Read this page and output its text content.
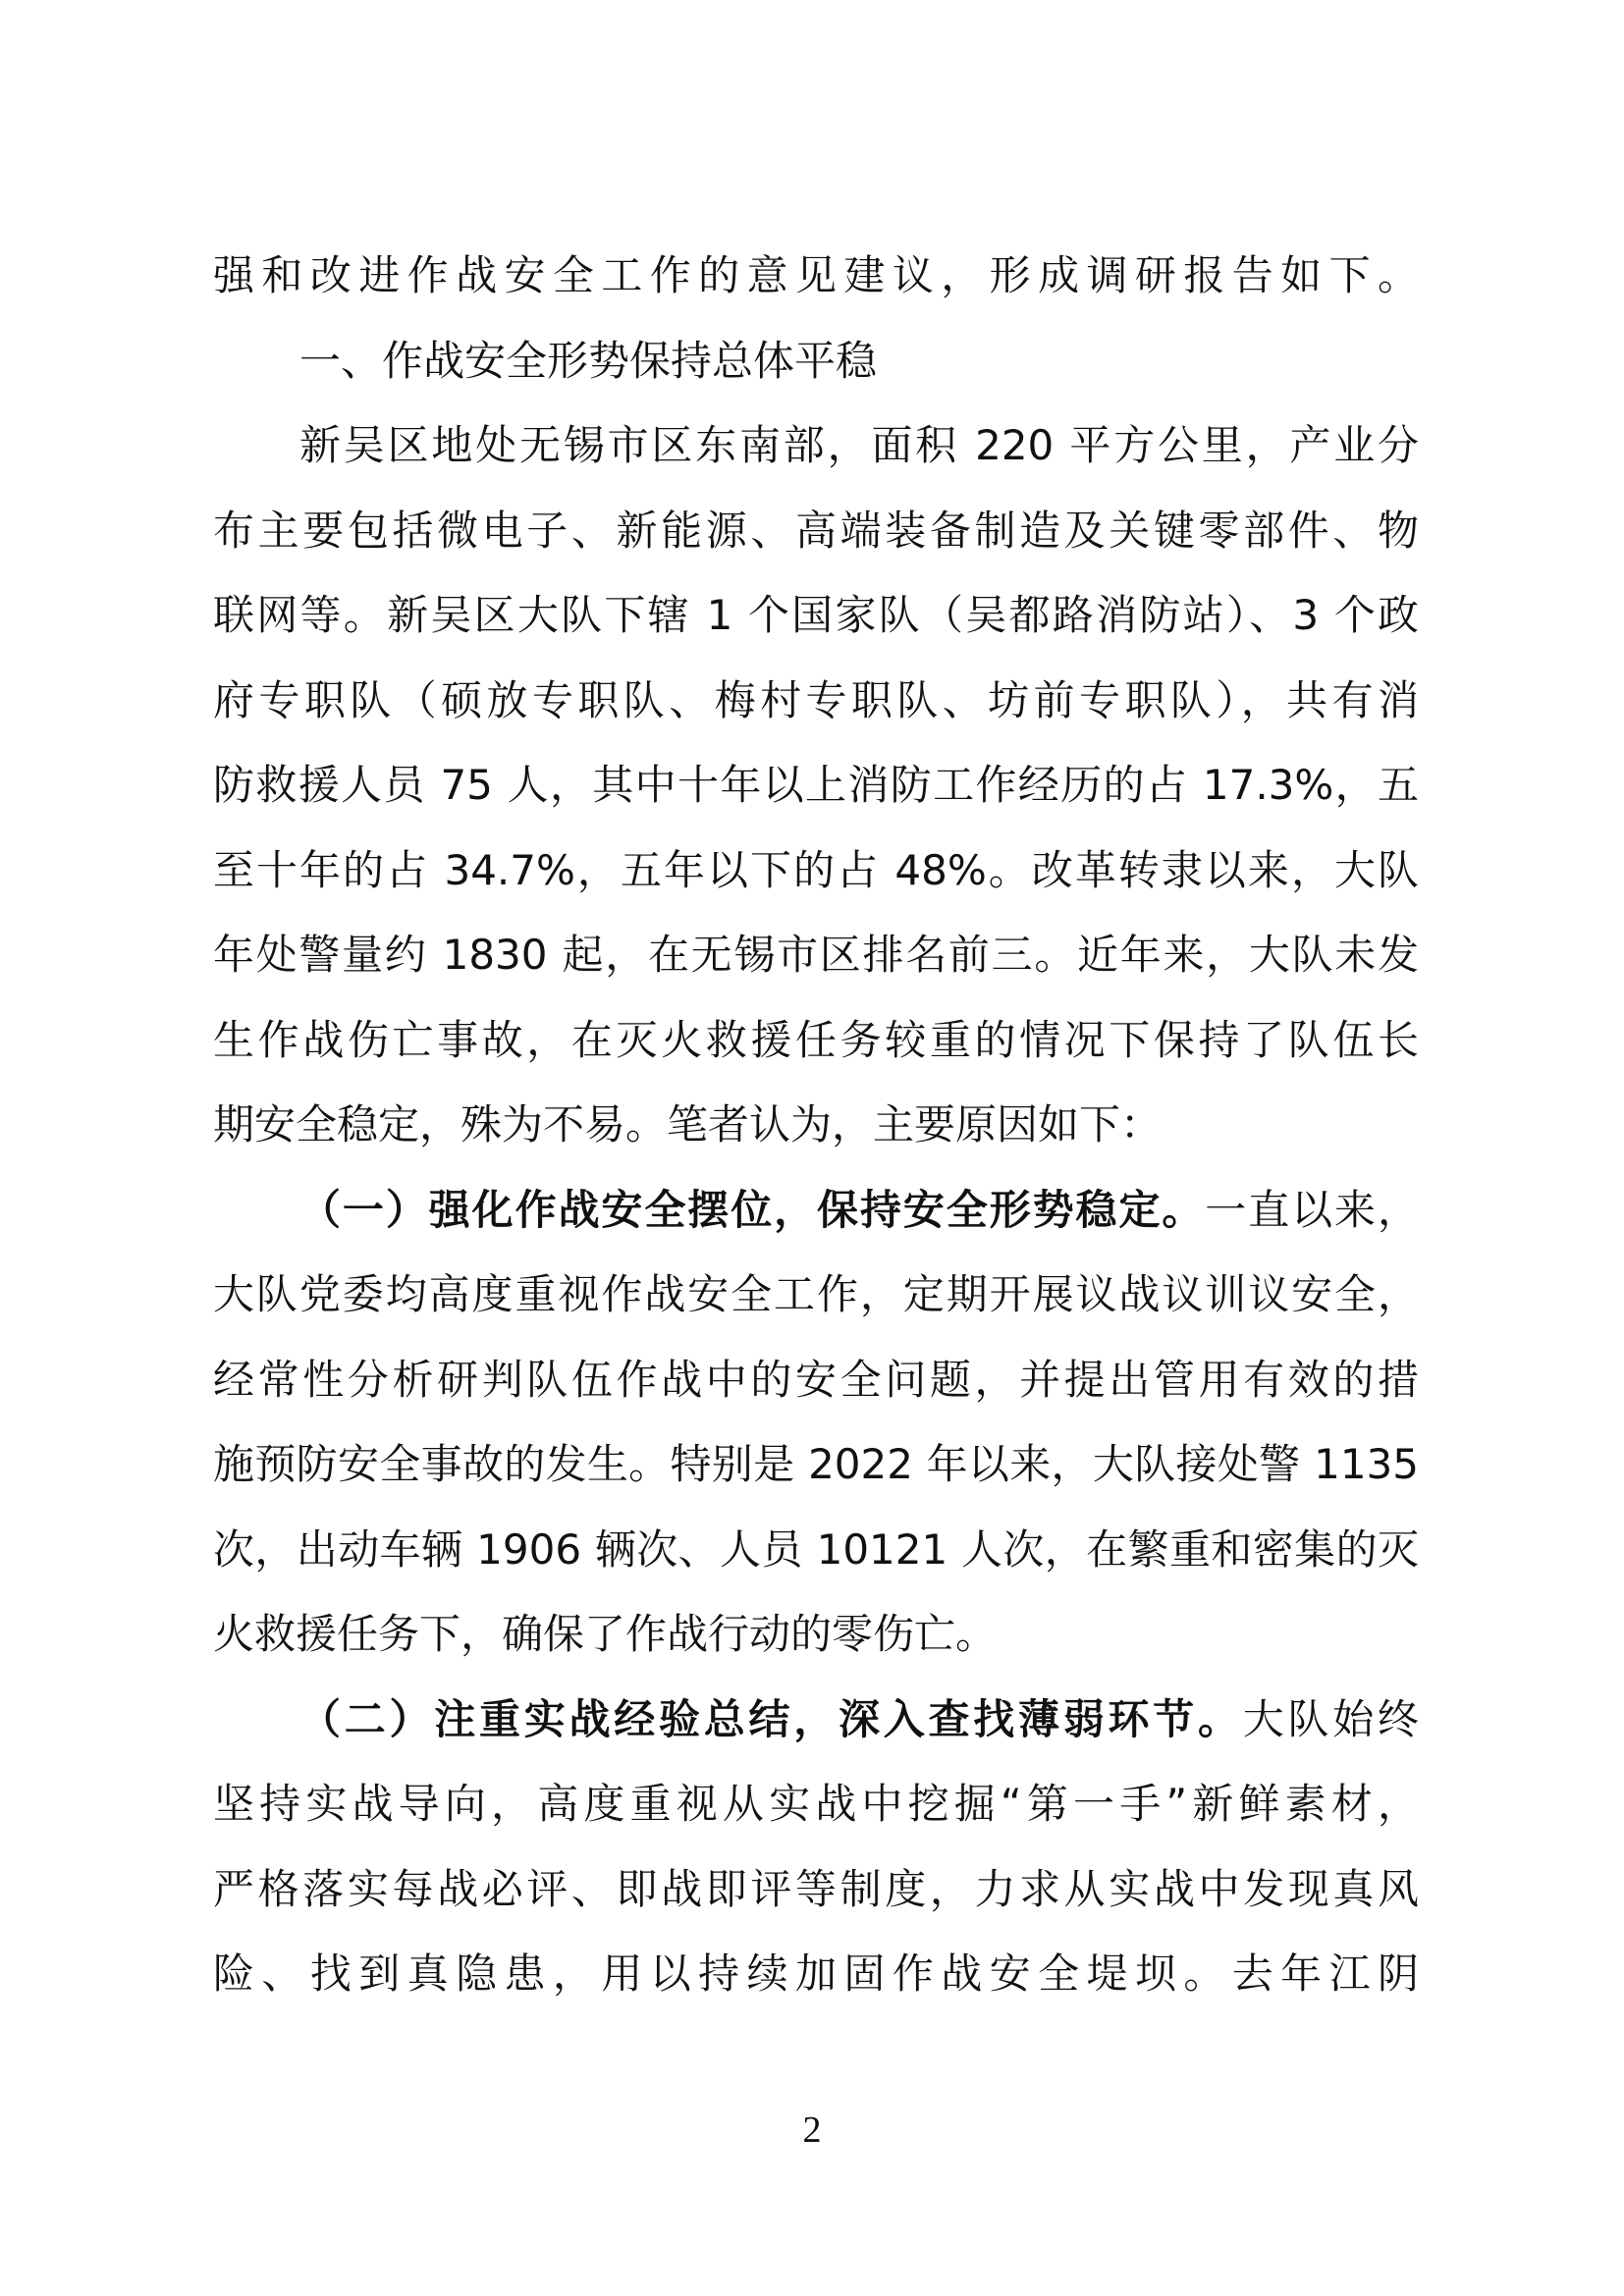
强和改进作战安全工作的意见建议，形成调研报告如下。
一、作战安全形势保持总体平稳
新吴区地处无锡市区东南部，面积 220 平方公里，产业分
布主要包括微电子、新能源、高端装备制造及关键零部件、物
联网等。新吴区大队下辖 1 个国家队（吴都路消防站）、3 个政
府专职队（硕放专职队、梅村专职队、坊前专职队），共有消
防救援人员 75 人，其中十年以上消防工作经历的占 17.3%，五
至十年的占 34.7%，五年以下的占 48%。改革转隶以来，大队
年处警量约 1830 起，在无锡市区排名前三。近年来，大队未发
生作战伤亡事故，在灭火救援任务较重的情况下保持了队伍长
期安全稳定，殊为不易。笔者认为，主要原因如下：
（一）强化作战安全摆位，保持安全形势稳定。一直以来，
大队党委均高度重视作战安全工作，定期开展议战议训议安全，
经常性分析研判队伍作战中的安全问题，并提出管用有效的措
施预防安全事故的发生。特别是 2022 年以来，大队接处警 1135
次，出动车辆 1906 辆次、人员 10121 人次，在繁重和密集的灭
火救援任务下，确保了作战行动的零伤亡。
（二）注重实战经验总结，深入查找薄弱环节。大队始终
坚持实战导向，高度重视从实战中挖掘“第一手”新鲜素材，
严格落实每战必评、即战即评等制度，力求从实战中发现真风
险、找到真隐患，用以持续加固作战安全堤坝。去年江阴
2
